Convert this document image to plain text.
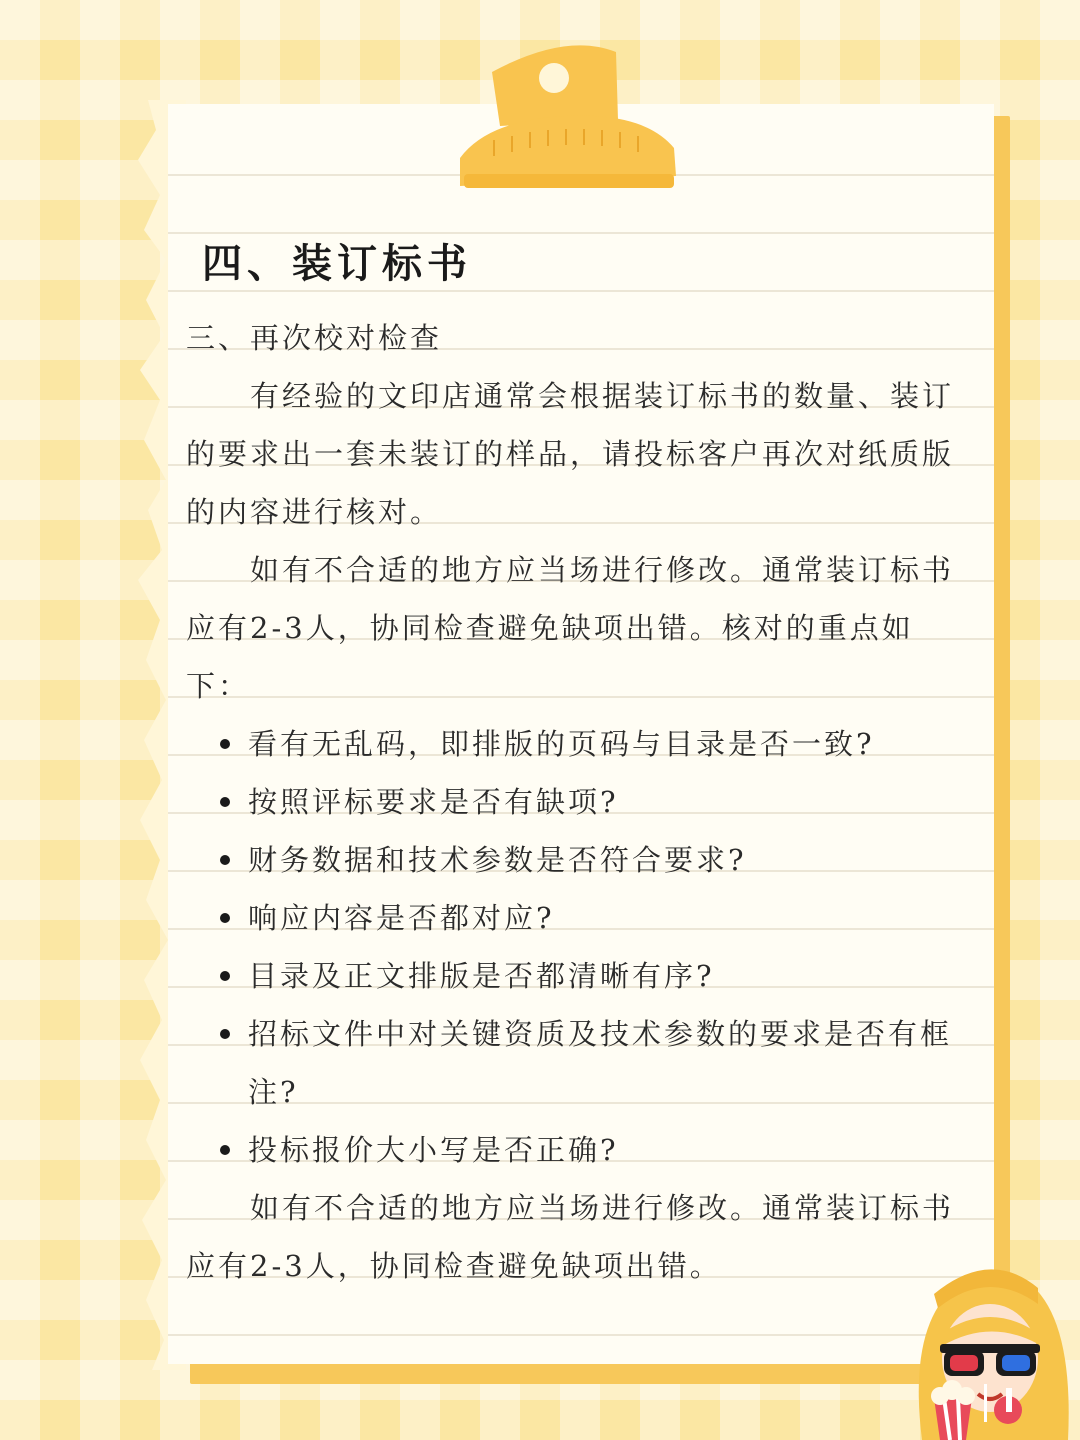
四、装订标书

三、再次校对检查

有经验的文印店通常会根据装订标书的数量、装订的要求出一套未装订的样品，请投标客户再次对纸质版的内容进行核对。

如有不合适的地方应当场进行修改。通常装订标书应有2-3人，协同检查避免缺项出错。核对的重点如下：

看有无乱码，即排版的页码与目录是否一致?
按照评标要求是否有缺项?
财务数据和技术参数是否符合要求?
响应内容是否都对应?
目录及正文排版是否都清晰有序?
招标文件中对关键资质及技术参数的要求是否有框注?
投标报价大小写是否正确?

如有不合适的地方应当场进行修改。通常装订标书应有2-3人，协同检查避免缺项出错。
